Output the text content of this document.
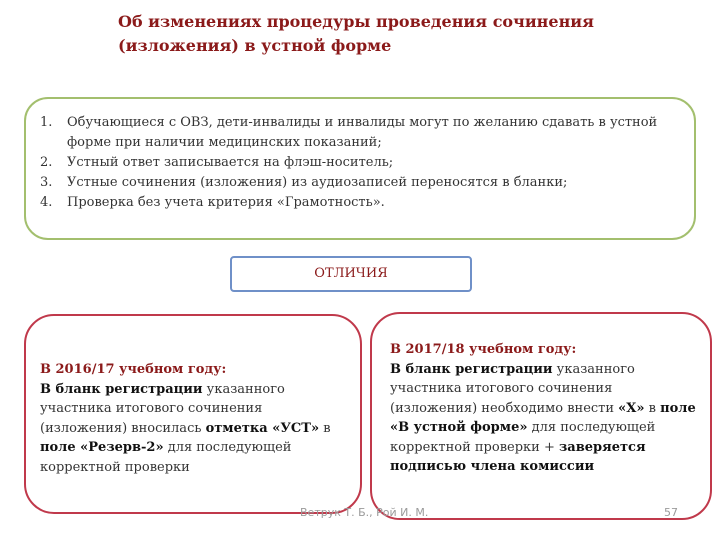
Об изменениях процедуры проведения сочинения
(изложения) в устной форме
1. Обучающиеся с ОВЗ, дети-инвалиды и инвалиды могут по желанию сдавать в устной форме при наличии медицинских показаний;
2. Устный ответ записывается на флэш-носитель;
3. Устные сочинения (изложения) из аудиозаписей переносятся в бланки;
4. Проверка без учета критерия «Грамотность».
ОТЛИЧИЯ
В 2016/17 учебном году:
В бланк регистрации указанного участника итогового сочинения (изложения) вносилась отметка «УСТ» в поле «Резерв-2» для последующей корректной проверки
В 2017/18 учебном году:
В бланк регистрации указанного участника итогового сочинения (изложения) необходимо внести «Х» в поле «В устной форме» для последующей корректной проверки + заверяется подписью члена комиссии
Ветрук Т. Б., Рой И. М.	57
